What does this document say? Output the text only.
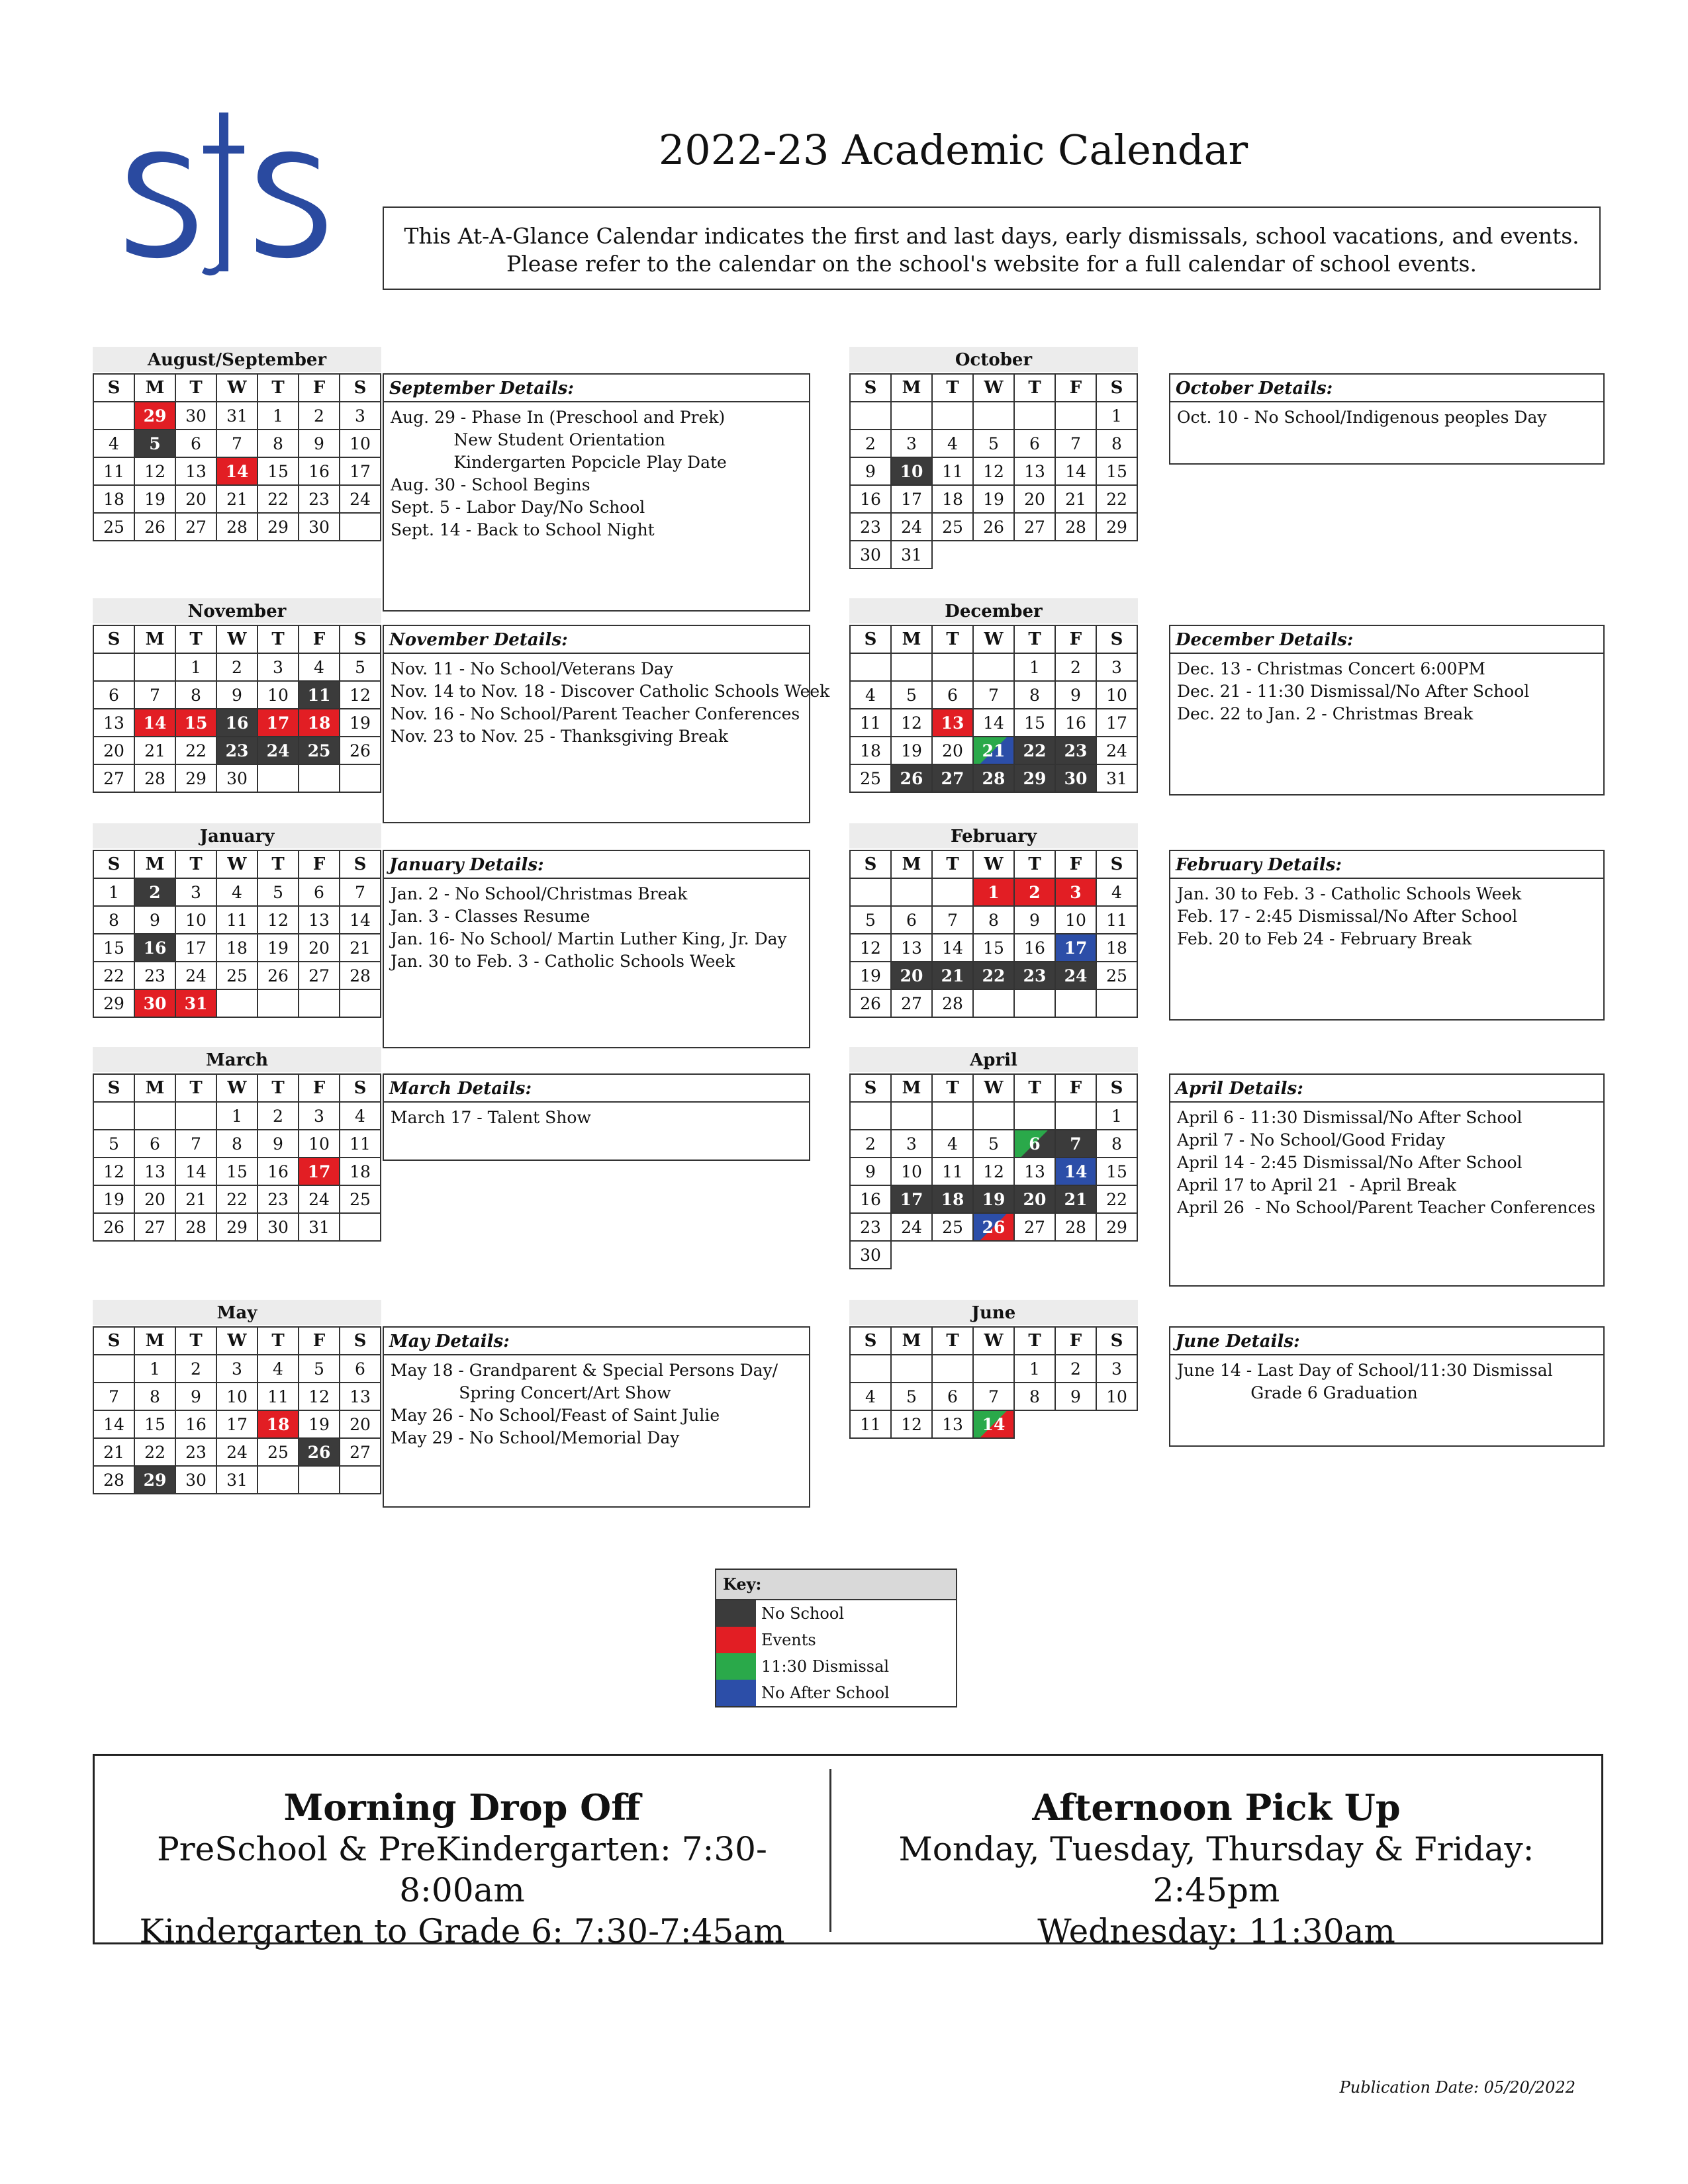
2022-23 Academic Calendar
This At-A-Glance Calendar indicates the first and last days, early dismissals, school vacations, and events.
Please refer to the calendar on the school's website for a full calendar of school events.
August/September
S	M	T	W	T	F	S
	29	30	31	1	2	3
4	5	6	7	8	9	10
11	12	13	14	15	16	17
18	19	20	21	22	23	24
25	26	27	28	29	30	
September Details:
Aug. 29 - Phase In (Preschool and Prek)
New Student Orientation
Kindergarten Popcicle Play Date
Aug. 30 - School Begins
Sept. 5 - Labor Day/No School
Sept. 14 - Back to School Night
October
S	M	T	W	T	F	S
						1
2	3	4	5	6	7	8
9	10	11	12	13	14	15
16	17	18	19	20	21	22
23	24	25	26	27	28	29
30	31					
October Details:
Oct. 10 - No School/Indigenous peoples Day
November
S	M	T	W	T	F	S
		1	2	3	4	5
6	7	8	9	10	11	12
13	14	15	16	17	18	19
20	21	22	23	24	25	26
27	28	29	30			
November Details:
Nov. 11 - No School/Veterans Day
Nov. 14 to Nov. 18 - Discover Catholic Schools Week
Nov. 16 - No School/Parent Teacher Conferences
Nov. 23 to Nov. 25 - Thanksgiving Break
December
S	M	T	W	T	F	S
				1	2	3
4	5	6	7	8	9	10
11	12	13	14	15	16	17
18	19	20	21	22	23	24
25	26	27	28	29	30	31
December Details:
Dec. 13 - Christmas Concert 6:00PM
Dec. 21 - 11:30 Dismissal/No After School
Dec. 22 to Jan. 2 - Christmas Break
January
S	M	T	W	T	F	S
1	2	3	4	5	6	7
8	9	10	11	12	13	14
15	16	17	18	19	20	21
22	23	24	25	26	27	28
29	30	31				
January Details:
Jan. 2 - No School/Christmas Break
Jan. 3 - Classes Resume
Jan. 16- No School/ Martin Luther King, Jr. Day
Jan. 30 to Feb. 3 - Catholic Schools Week
February
S	M	T	W	T	F	S
			1	2	3	4
5	6	7	8	9	10	11
12	13	14	15	16	17	18
19	20	21	22	23	24	25
26	27	28				
February Details:
Jan. 30 to Feb. 3 - Catholic Schools Week
Feb. 17 - 2:45 Dismissal/No After School
Feb. 20 to Feb 24 - February Break
March
S	M	T	W	T	F	S
			1	2	3	4
5	6	7	8	9	10	11
12	13	14	15	16	17	18
19	20	21	22	23	24	25
26	27	28	29	30	31	
March Details:
March 17 - Talent Show
April
S	M	T	W	T	F	S
						1
2	3	4	5	6	7	8
9	10	11	12	13	14	15
16	17	18	19	20	21	22
23	24	25	26	27	28	29
30						
April Details:
April 6 - 11:30 Dismissal/No After School
April 7 - No School/Good Friday
April 14 - 2:45 Dismissal/No After School
April 17 to April 21  - April Break
April 26  - No School/Parent Teacher Conferences
May
S	M	T	W	T	F	S
	1	2	3	4	5	6
7	8	9	10	11	12	13
14	15	16	17	18	19	20
21	22	23	24	25	26	27
28	29	30	31			
May Details:
May 18 - Grandparent & Special Persons Day/
Spring Concert/Art Show
May 26 - No School/Feast of Saint Julie
May 29 - No School/Memorial Day
June
S	M	T	W	T	F	S
				1	2	3
4	5	6	7	8	9	10
11	12	13	14			
June Details:
June 14 - Last Day of School/11:30 Dismissal
Grade 6 Graduation
Key:
No School
Events
11:30 Dismissal
No After School
Morning Drop Off
PreSchool & PreKindergarten: 7:30-8:00am
Kindergarten to Grade 6: 7:30-7:45am
Afternoon Pick Up
Monday, Tuesday, Thursday & Friday: 2:45pm
Wednesday: 11:30am
Publication Date: 05/20/2022
